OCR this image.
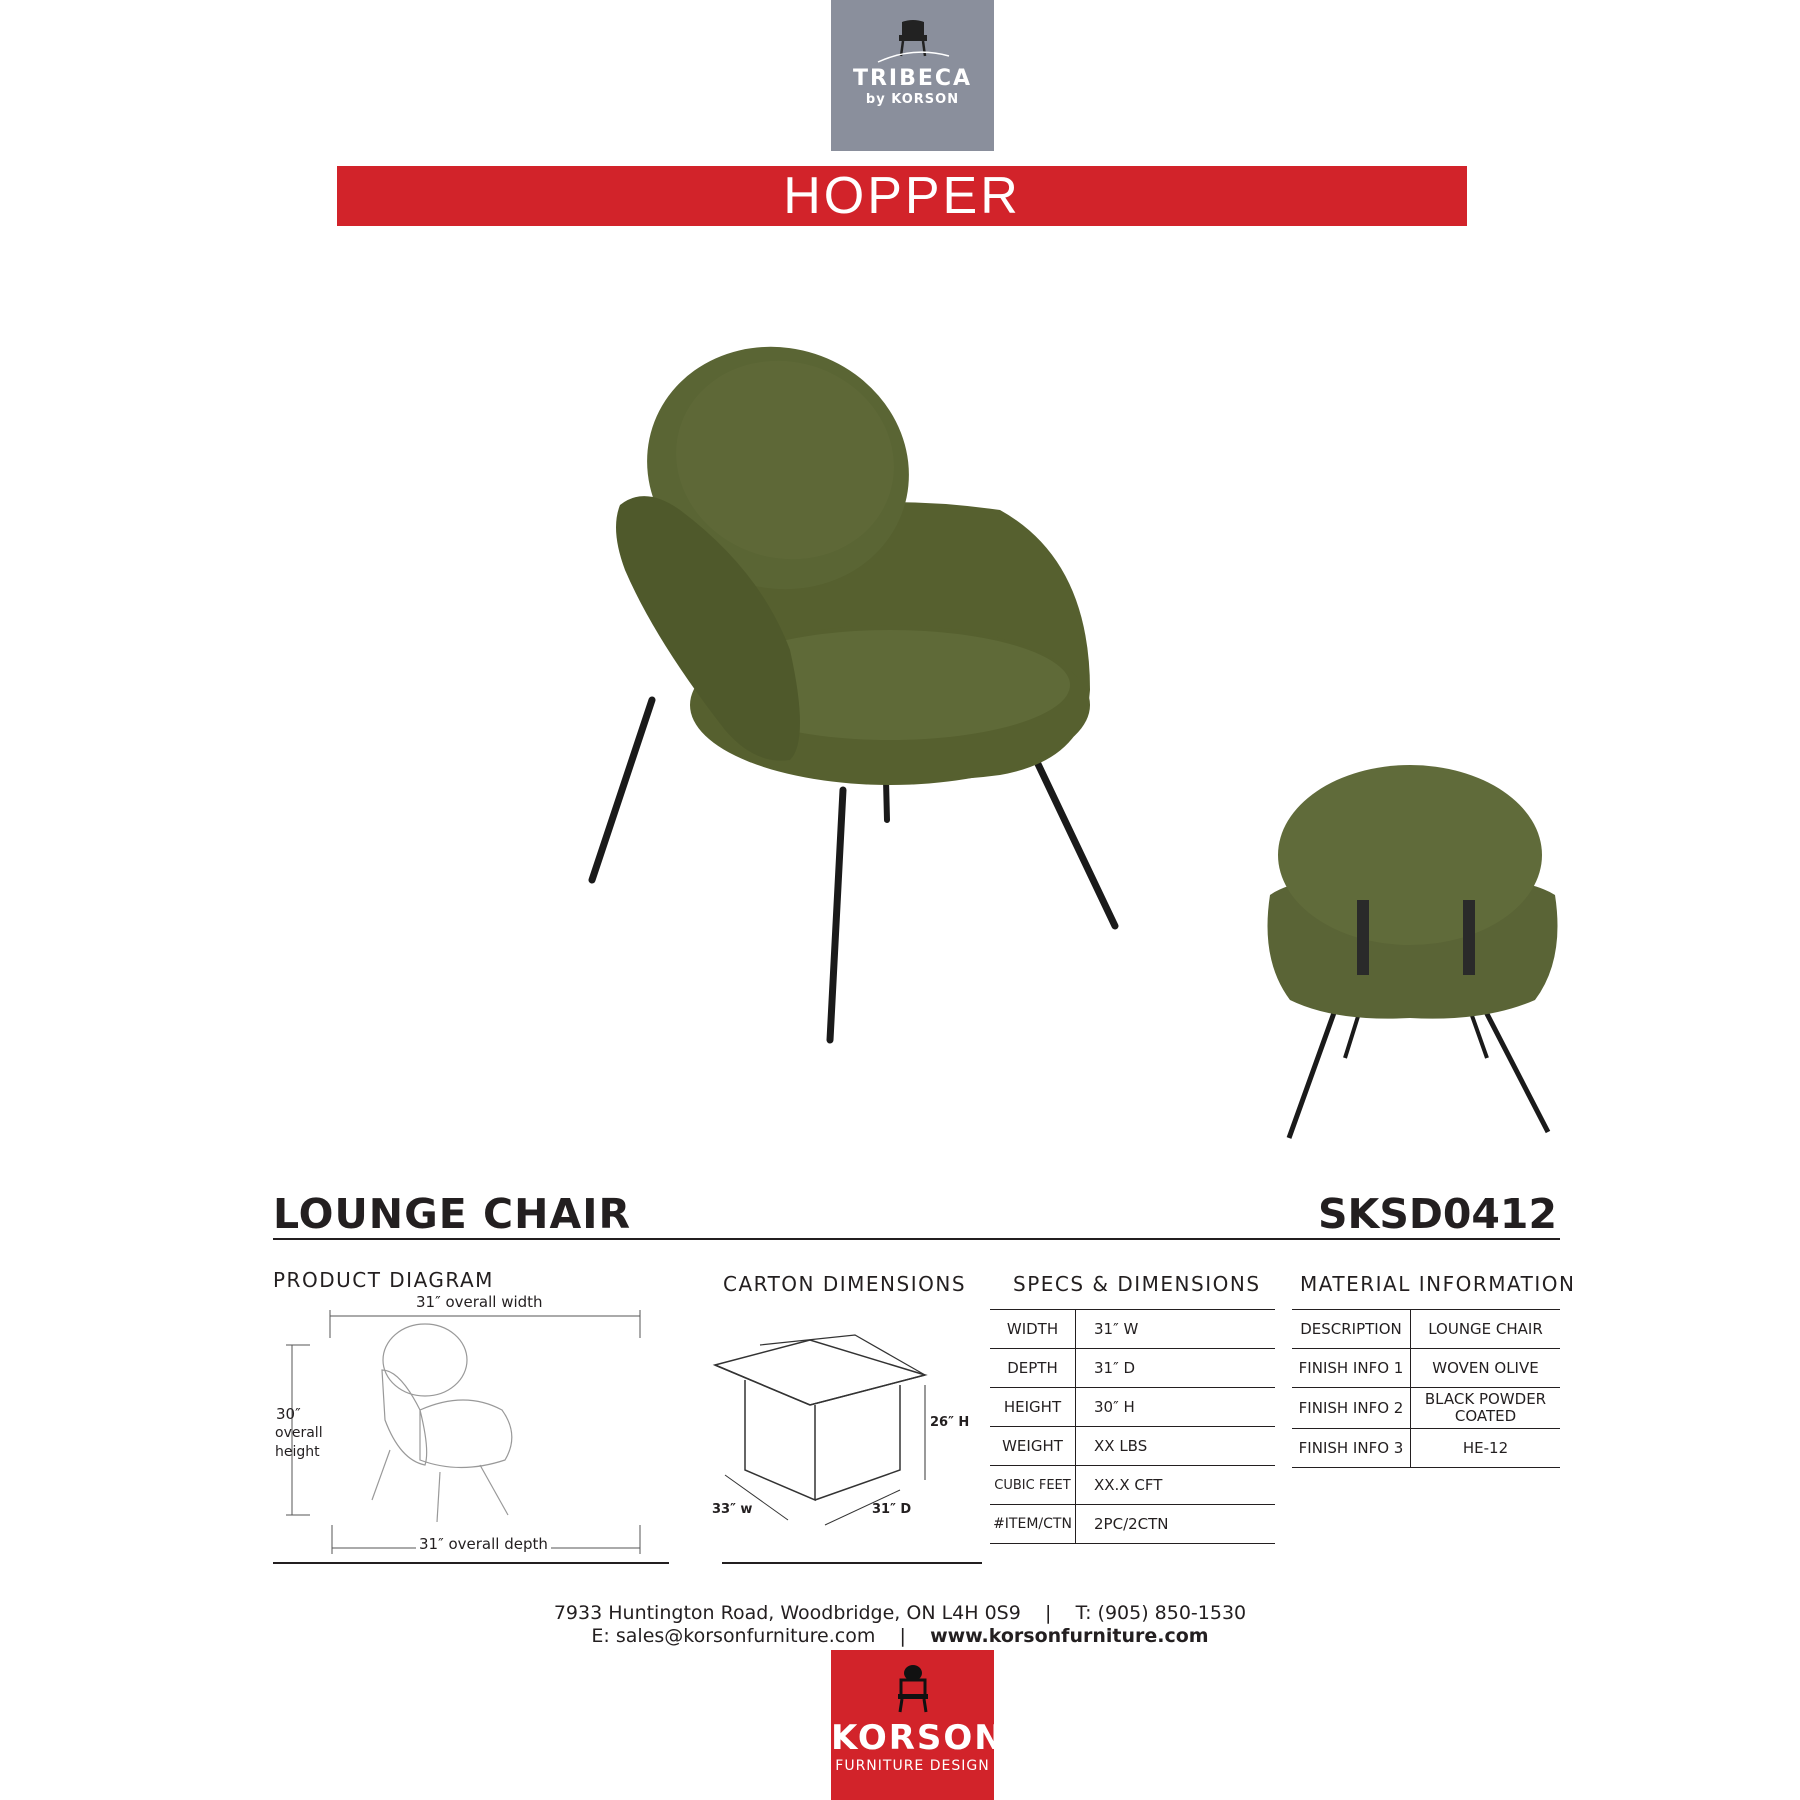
TRIBECA
by KORSON
HOPPER
LOUNGE CHAIR	SKSD0412
PRODUCT DIAGRAM
31″ overall width
30″
overall
height
31″ overall depth
CARTON DIMENSIONS
26″ H
33″ w	31″ D
SPECS & DIMENSIONS
WIDTH	31″ W
DEPTH	31″ D
HEIGHT	30″ H
WEIGHT	XX LBS
CUBIC FEET	XX.X CFT
#ITEM/CTN	2PC/2CTN
MATERIAL INFORMATION
DESCRIPTION	LOUNGE CHAIR
FINISH INFO 1	WOVEN OLIVE
FINISH INFO 2	BLACK POWDER COATED
FINISH INFO 3	HE-12
7933 Huntington Road, Woodbridge, ON L4H 0S9 | T: (905) 850-1530
E: sales@korsonfurniture.com | www.korsonfurniture.com
KORSON
FURNITURE DESIGN
